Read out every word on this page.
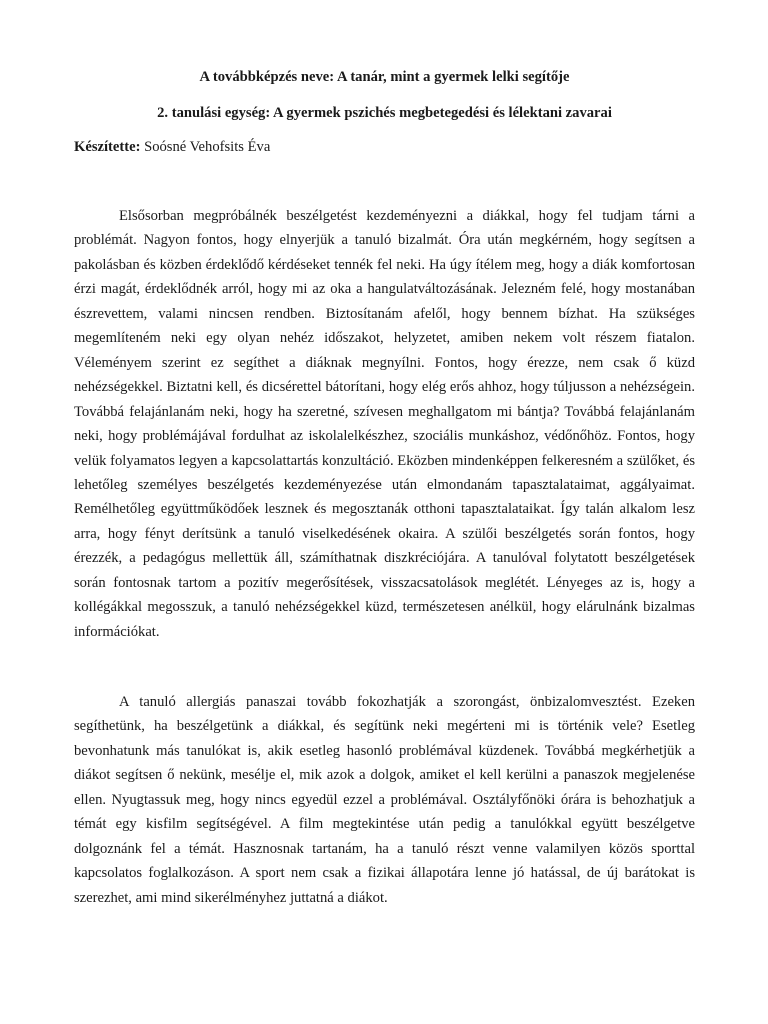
A továbbképzés neve: A tanár, mint a gyermek lelki segítője
2. tanulási egység: A gyermek pszichés megbetegedési és lélektani zavarai
Készítette: Soósné Vehofsits Éva

Elsősorban megpróbálnék beszélgetést kezdeményezni a diákkal, hogy fel tudjam tárni a problémát. Nagyon fontos, hogy elnyerjük a tanuló bizalmát. Óra után megkérném, hogy segítsen a pakolásban és közben érdeklődő kérdéseket tennék fel neki. Ha úgy ítélem meg, hogy a diák komfortosan érzi magát, érdeklődnék arról, hogy mi az oka a hangulatváltozásának. Jelezném felé, hogy mostanában észrevettem, valami nincsen rendben. Biztosítanám afelől, hogy bennem bízhat. Ha szükséges megemlíteném neki egy olyan nehéz időszakot, helyzetet, amiben nekem volt részem fiatalon. Véleményem szerint ez segíthet a diáknak megnyílni. Fontos, hogy érezze, nem csak ő küzd nehézségekkel. Biztatni kell, és dicsérettel bátorítani, hogy elég erős ahhoz, hogy túljusson a nehézségein. Továbbá felajánlanám neki, hogy ha szeretné, szívesen meghallgatom mi bántja? Továbbá felajánlanám neki, hogy problémájával fordulhat az iskolalelkészhez, szociális munkáshoz, védőnőhöz. Fontos, hogy velük folyamatos legyen a kapcsolattartás konzultáció. Eközben mindenképpen felkeresném a szülőket, és lehetőleg személyes beszélgetés kezdeményezése után elmondanám tapasztalataimat, aggályaimat. Remélhetőleg együttműködőek lesznek és megosztanák otthoni tapasztalataikat. Így talán alkalom lesz arra, hogy fényt derítsünk a tanuló viselkedésének okaira. A szülői beszélgetés során fontos, hogy érezzék, a pedagógus mellettük áll, számíthatnak diszkréciójára. A tanulóval folytatott beszélgetések során fontosnak tartom a pozitív megerősítések, visszacsatolások meglétét. Lényeges az is, hogy a kollégákkal megosszuk, a tanuló nehézségekkel küzd, természetesen anélkül, hogy elárulnánk bizalmas információkat.

A tanuló allergiás panaszai tovább fokozhatják a szorongást, önbizalomvesztést. Ezeken segíthetünk, ha beszélgetünk a diákkal, és segítünk neki megérteni mi is történik vele? Esetleg bevonhatunk más tanulókat is, akik esetleg hasonló problémával küzdenek. Továbbá megkérhetjük a diákot segítsen ő nekünk, mesélje el, mik azok a dolgok, amiket el kell kerülni a panaszok megjelenése ellen. Nyugtassuk meg, hogy nincs egyedül ezzel a problémával. Osztályfőnöki órára is behozhatjuk a témát egy kisfilm segítségével. A film megtekintése után pedig a tanulókkal együtt beszélgetve dolgoznánk fel a témát. Hasznosnak tartanám, ha a tanuló részt venne valamilyen közös sporttal kapcsolatos foglalkozáson. A sport nem csak a fizikai állapotára lenne jó hatással, de új barátokat is szerezhet, ami mind sikerélményhez juttatná a diákot.
